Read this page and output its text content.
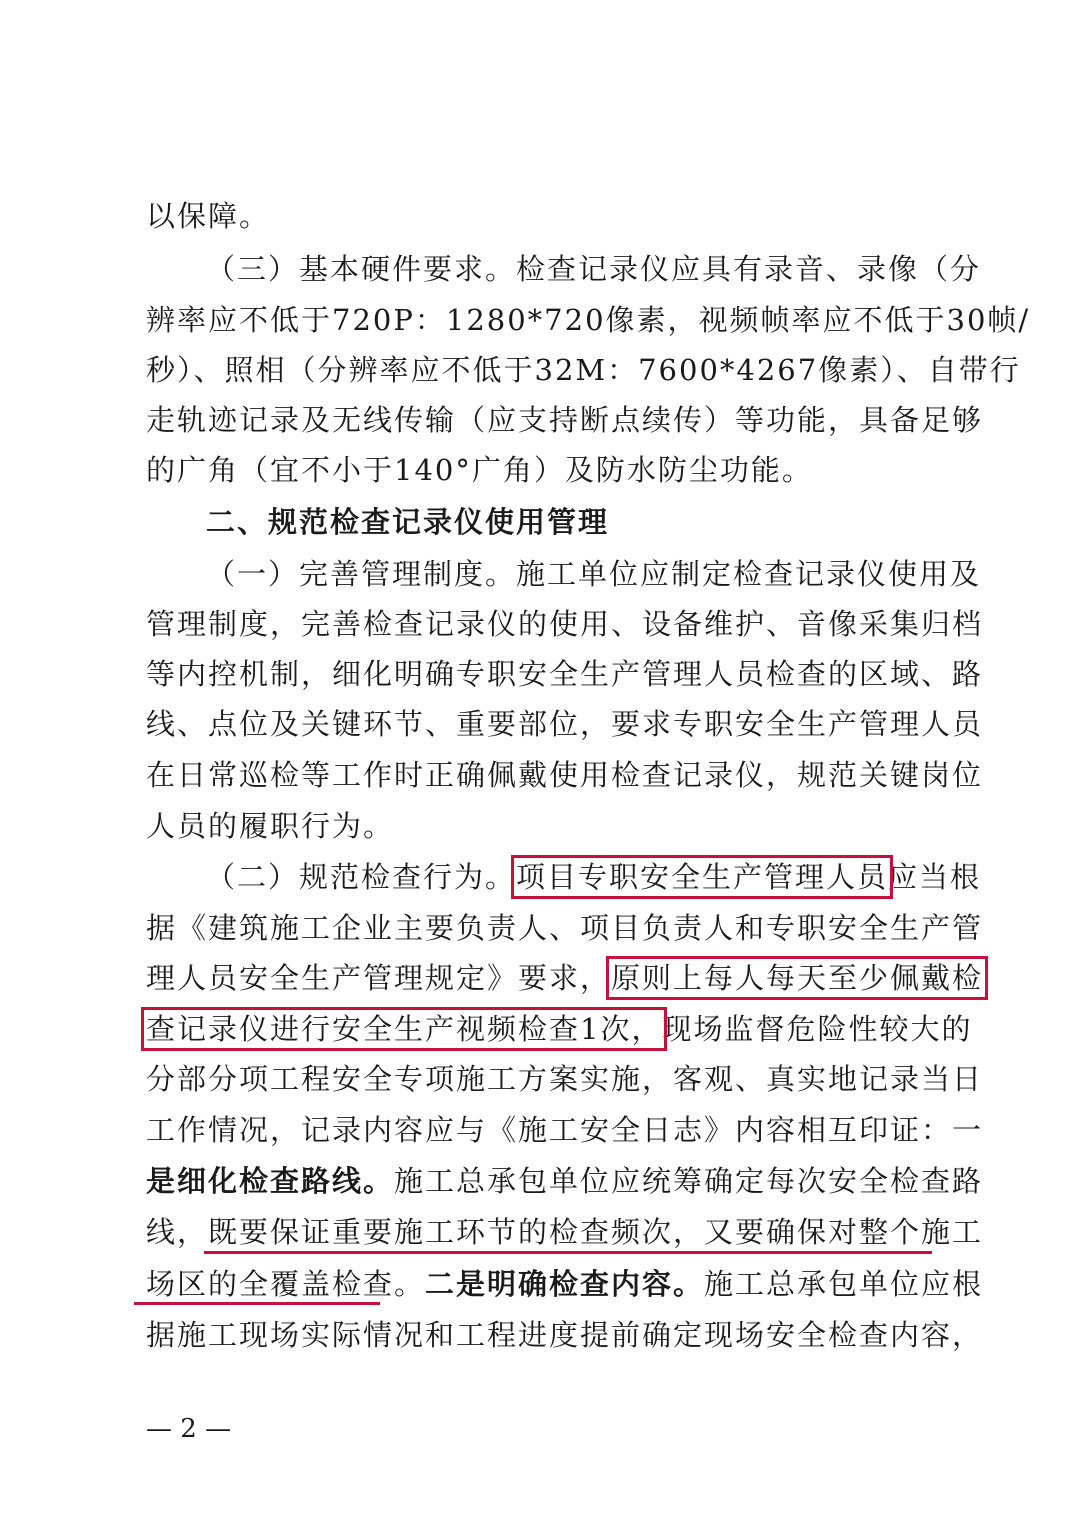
以保障。
（三）基本硬件要求。检查记录仪应具有录音、录像（分
辨率应不低于720P：1280*720像素，视频帧率应不低于30帧/
秒）、照相（分辨率应不低于32M：7600*4267像素）、自带行
走轨迹记录及无线传输（应支持断点续传）等功能，具备足够
的广角（宜不小于140°广角）及防水防尘功能。
二、规范检查记录仪使用管理
（一）完善管理制度。施工单位应制定检查记录仪使用及
管理制度，完善检查记录仪的使用、设备维护、音像采集归档
等内控机制，细化明确专职安全生产管理人员检查的区域、路
线、点位及关键环节、重要部位，要求专职安全生产管理人员
在日常巡检等工作时正确佩戴使用检查记录仪，规范关键岗位
人员的履职行为。
（二）规范检查行为。项目专职安全生产管理人员应当根
据《建筑施工企业主要负责人、项目负责人和专职安全生产管
理人员安全生产管理规定》要求，原则上每人每天至少佩戴检
查记录仪进行安全生产视频检查1次，现场监督危险性较大的
分部分项工程安全专项施工方案实施，客观、真实地记录当日
工作情况，记录内容应与《施工安全日志》内容相互印证：一
是细化检查路线。施工总承包单位应统筹确定每次安全检查路
线，既要保证重要施工环节的检查频次，又要确保对整个施工
场区的全覆盖检查。二是明确检查内容。施工总承包单位应根
据施工现场实际情况和工程进度提前确定现场安全检查内容，
— 2 —
